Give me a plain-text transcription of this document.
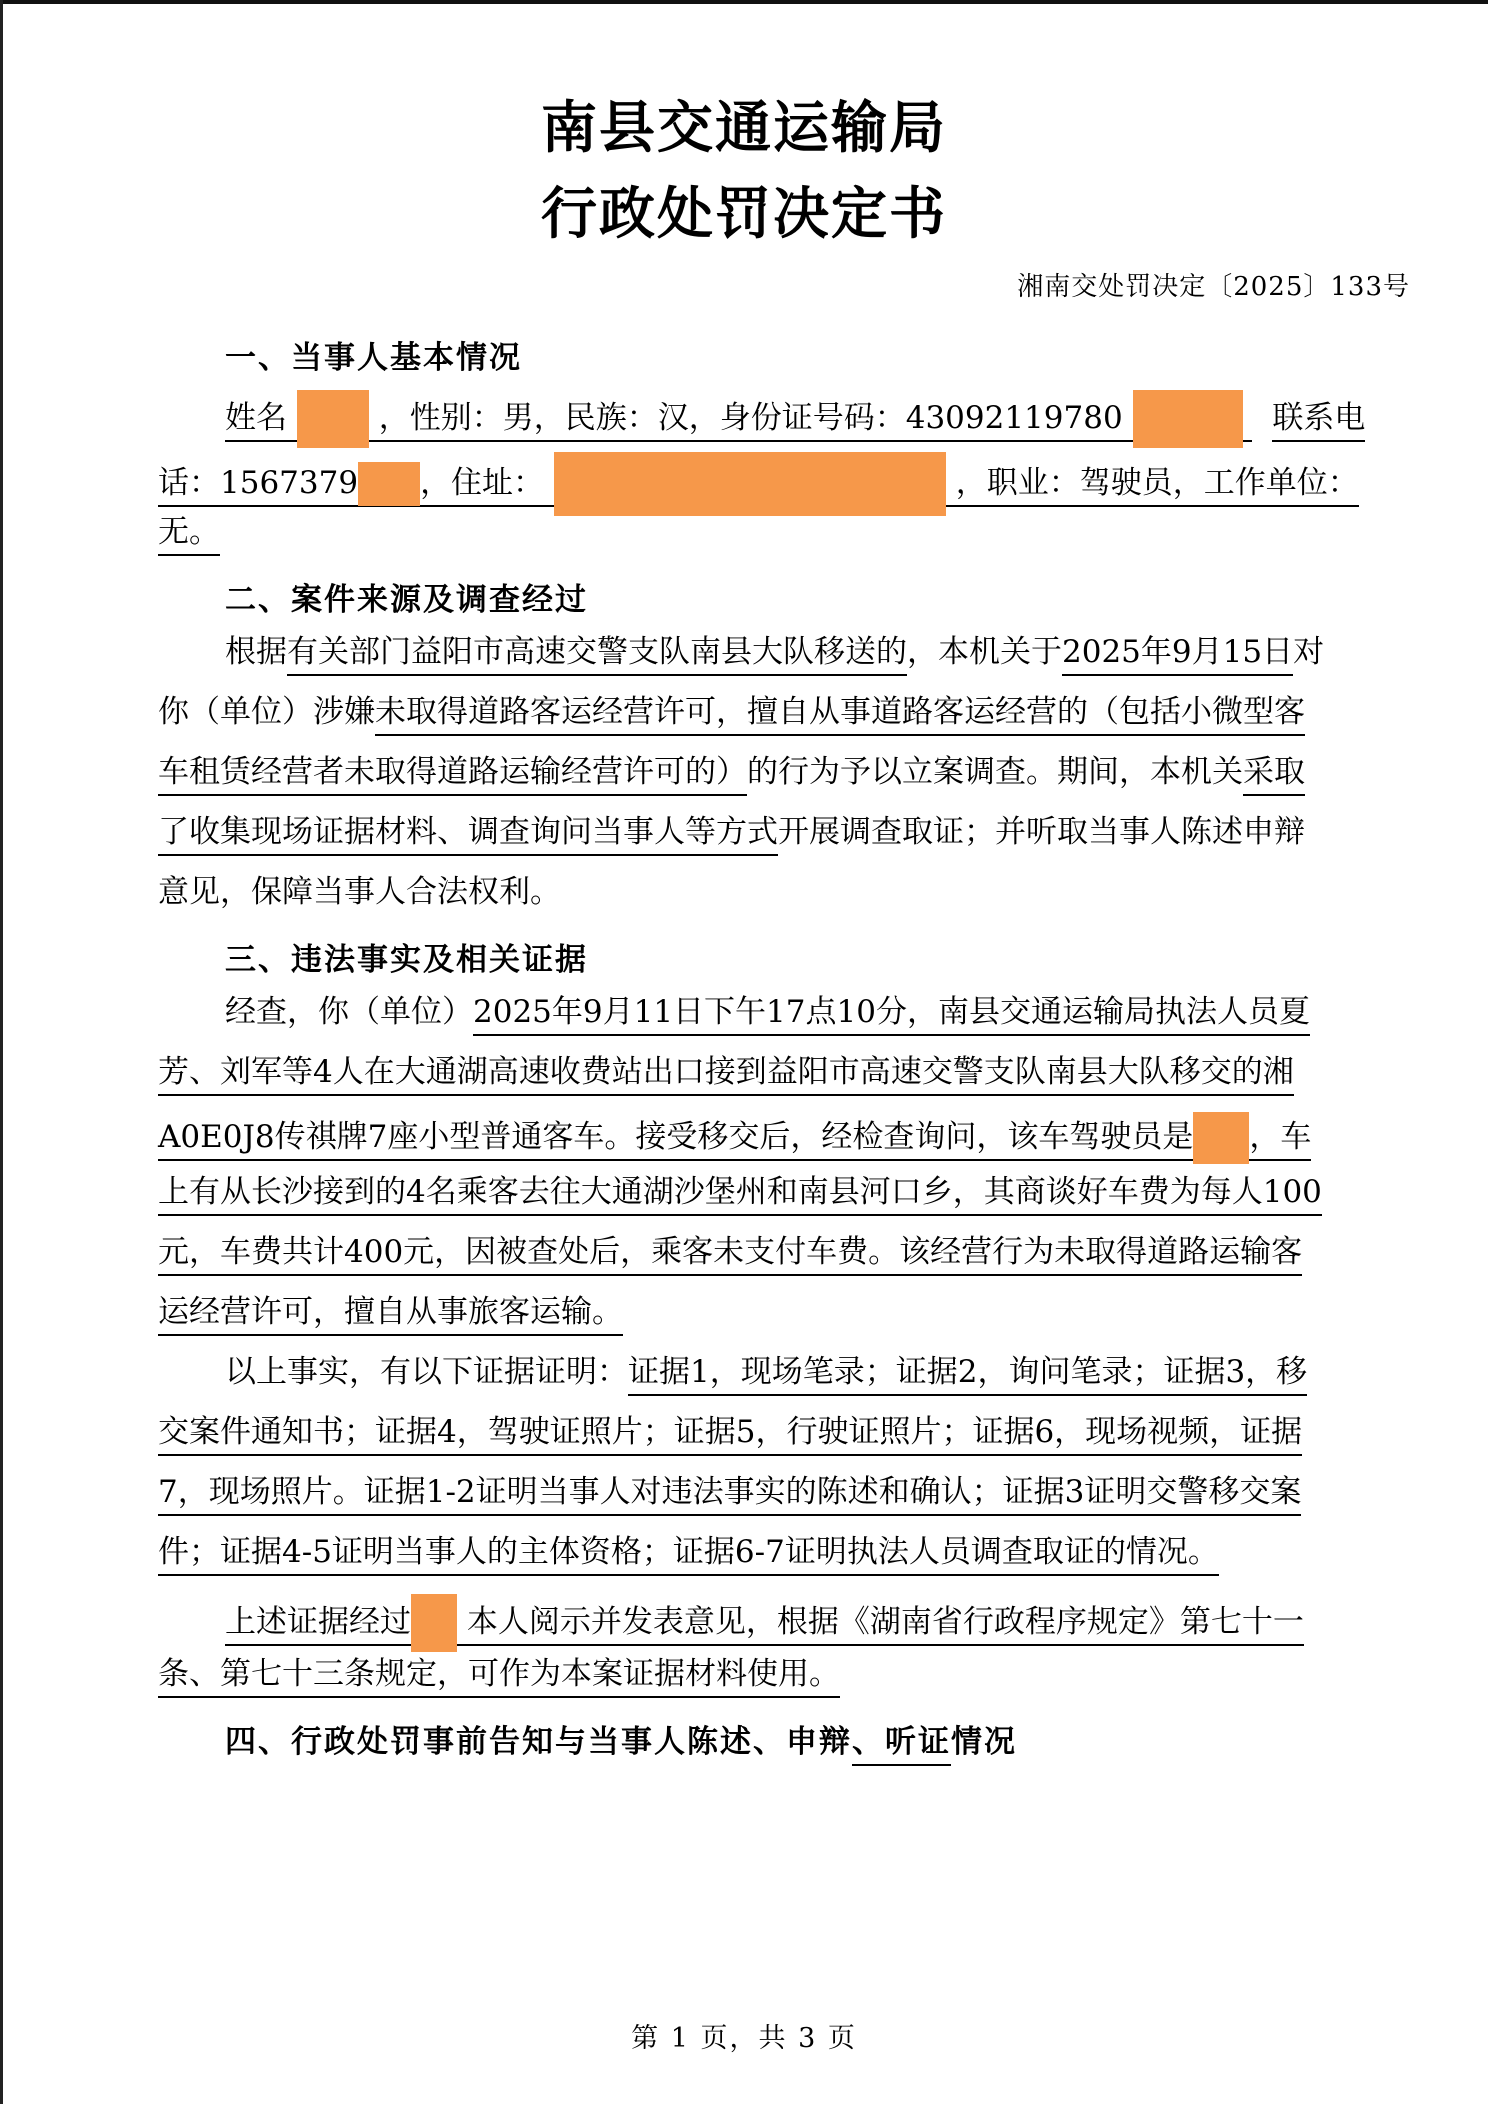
南县交通运输局
行政处罚决定书
湘南交处罚决定〔2025〕133号
一、当事人基本情况
姓名	，性别：男，民族：汉，身份证号码：43092119780	联系电
话：1567379 ，住址：	，职业：驾驶员，工作单位：
无。
二、案件来源及调查经过
根据有关部门益阳市高速交警支队南县大队移送的，本机关于2025年9月15日对
你（单位）涉嫌未取得道路客运经营许可，擅自从事道路客运经营的（包括小微型客
车租赁经营者未取得道路运输经营许可的）的行为予以立案调查。期间，本机关采取
了收集现场证据材料、调查询问当事人等方式开展调查取证；并听取当事人陈述申辩
意见，保障当事人合法权利。
三、违法事实及相关证据
经查，你（单位）2025年9月11日下午17点10分，南县交通运输局执法人员夏
芳、刘军等4人在大通湖高速收费站出口接到益阳市高速交警支队南县大队移交的湘
A0E0J8传祺牌7座小型普通客车。接受移交后，经检查询问，该车驾驶员是 ，车
上有从长沙接到的4名乘客去往大通湖沙堡州和南县河口乡，其商谈好车费为每人100
元，车费共计400元，因被查处后，乘客未支付车费。该经营行为未取得道路运输客
运经营许可，擅自从事旅客运输。
以上事实，有以下证据证明：证据1，现场笔录；证据2，询问笔录；证据3，移
交案件通知书；证据4，驾驶证照片；证据5，行驶证照片；证据6，现场视频，证据
7，现场照片。证据1-2证明当事人对违法事实的陈述和确认；证据3证明交警移交案
件；证据4-5证明当事人的主体资格；证据6-7证明执法人员调查取证的情况。
上述证据经过 本人阅示并发表意见，根据《湖南省行政程序规定》第七十一
条、第七十三条规定，可作为本案证据材料使用。
四、行政处罚事前告知与当事人陈述、申辩、听证情况
第 1 页，共 3 页
